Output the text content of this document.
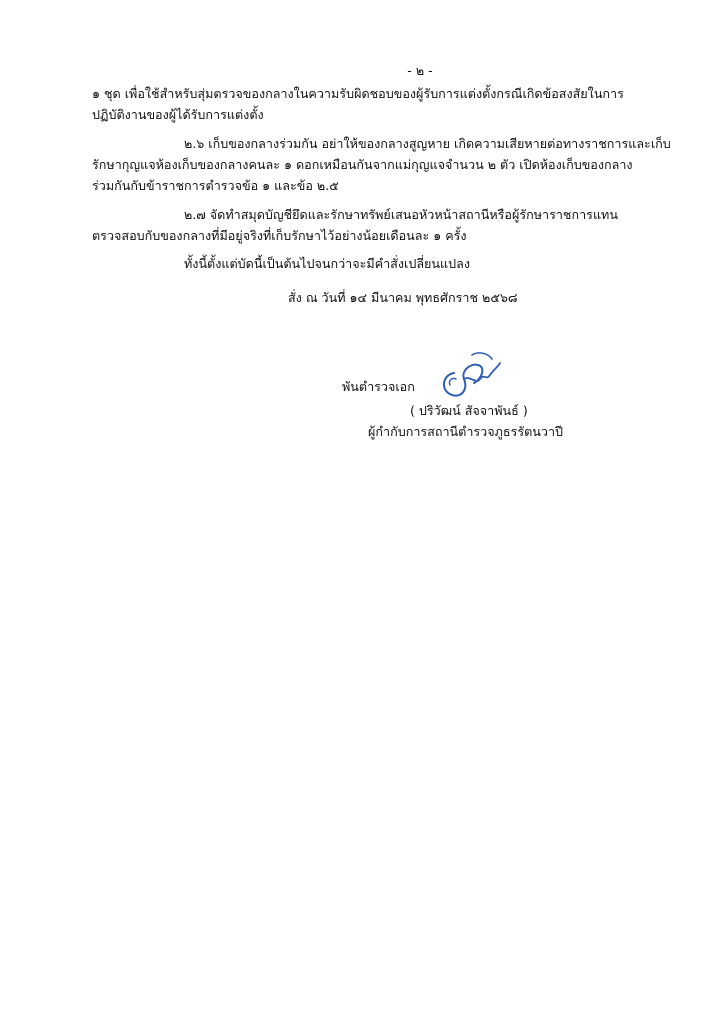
- ๒ -
๑ ชุด เพื่อใช้สำหรับสุ่มตรวจของกลางในความรับผิดชอบของผู้รับการแต่งตั้งกรณีเกิดข้อสงสัยในการ
ปฏิบัติงานของผู้ได้รับการแต่งตั้ง
๒.๖ เก็บของกลางร่วมกัน อย่าให้ของกลางสูญหาย เกิดความเสียหายต่อทางราชการและเก็บ
รักษากุญแจห้องเก็บของกลางคนละ ๑ ดอกเหมือนกันจากแม่กุญแจจำนวน ๒ ตัว เปิดห้องเก็บของกลาง
ร่วมกันกับข้าราชการตำรวจข้อ ๑ และข้อ ๒.๕
๒.๗ จัดทำสมุดบัญชียึดและรักษาทรัพย์เสนอหัวหน้าสถานีหรือผู้รักษาราชการแทน
ตรวจสอบกับของกลางที่มีอยู่จริงที่เก็บรักษาไว้อย่างน้อยเดือนละ ๑ ครั้ง
ทั้งนี้ตั้งแต่บัดนี้เป็นต้นไปจนกว่าจะมีคำสั่งเปลี่ยนแปลง
สั่ง ณ วันที่ ๑๔ มีนาคม พุทธศักราช ๒๕๖๘
พันตำรวจเอก
( ปริวัฒน์ สัจจาพันธ์ )
ผู้กำกับการสถานีตำรวจภูธรรัตนวาปี
